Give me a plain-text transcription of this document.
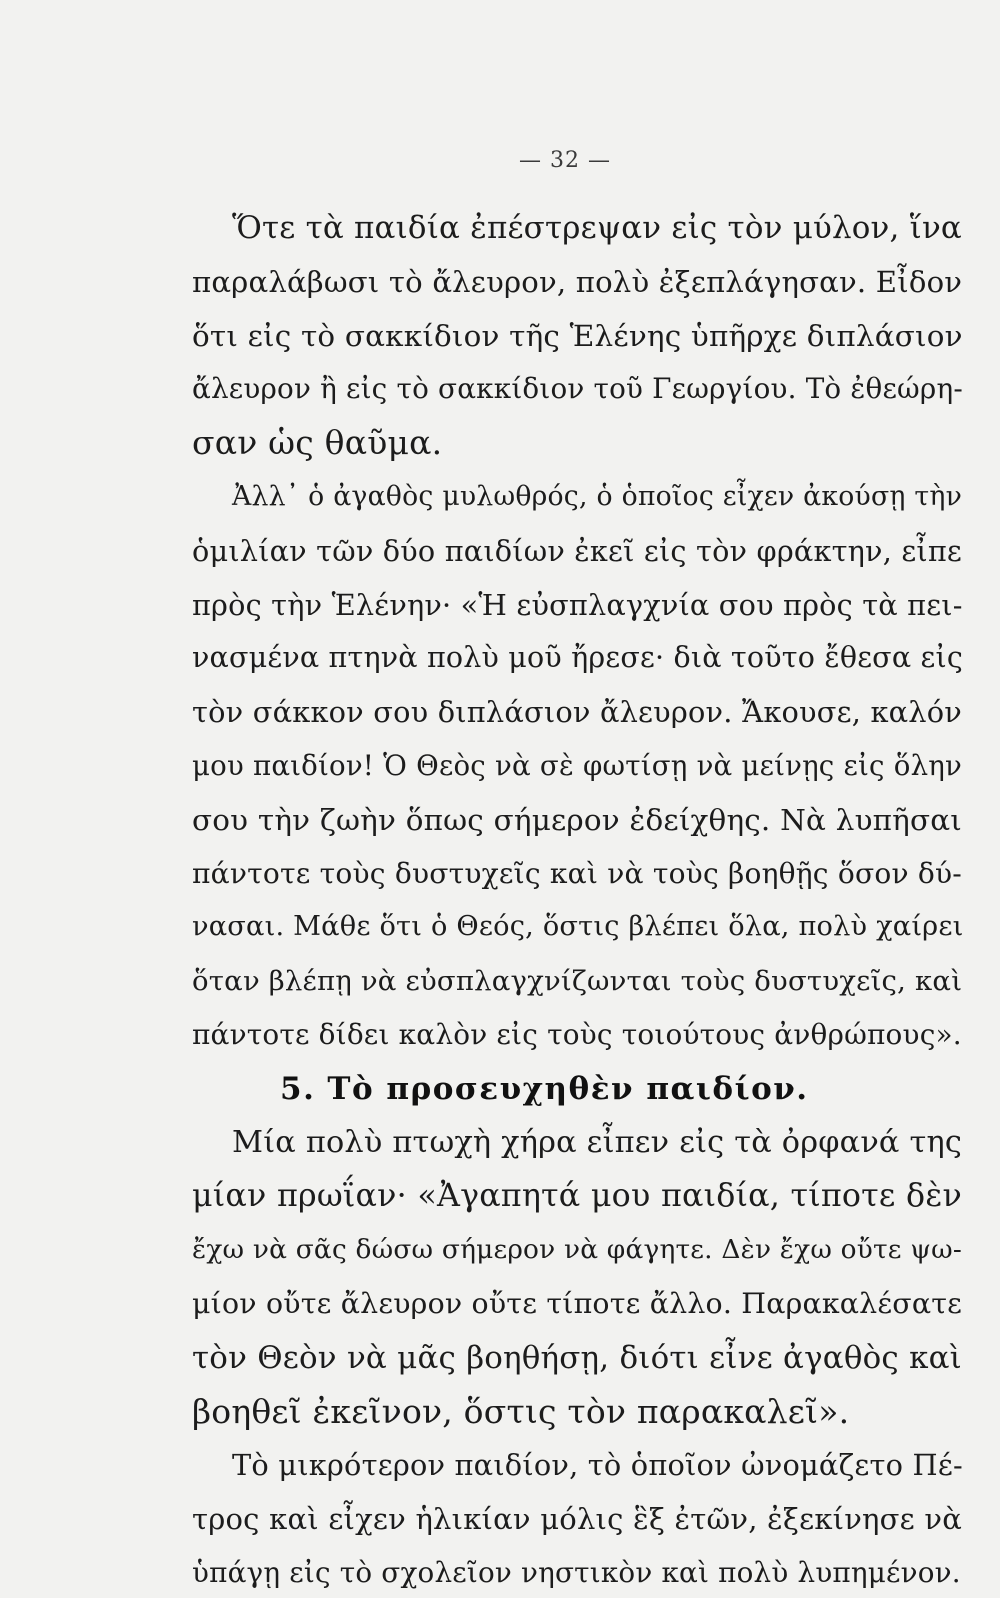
— 32 —
Ὅτε τὰ παιδία ἐπέστρεψαν εἰς τὸν μύλον, ἵνα
παραλάβωσι τὸ ἄλευρον, πολὺ ἐξεπλάγησαν. Εἶδον
ὅτι εἰς τὸ σακκίδιον τῆς Ἑλένης ὑπῆρχε διπλάσιον
ἄλευρον ἢ εἰς τὸ σακκίδιον τοῦ Γεωργίου. Τὸ ἐθεώρη-
σαν ὡς θαῦμα.
Ἀλλ᾽ ὁ ἀγαθὸς μυλωθρός, ὁ ὁποῖος εἶχεν ἀκούσῃ τὴν
ὁμιλίαν τῶν δύο παιδίων ἐκεῖ εἰς τὸν φράκτην, εἶπε
πρὸς τὴν Ἑλένην· «Ἡ εὐσπλαγχνία σου πρὸς τὰ πει-
νασμένα πτηνὰ πολὺ μοῦ ἤρεσε· διὰ τοῦτο ἔθεσα εἰς
τὸν σάκκον σου διπλάσιον ἄλευρον. Ἄκουσε, καλόν
μου παιδίον! Ὁ Θεὸς νὰ σὲ φωτίσῃ νὰ μείνῃς εἰς ὅλην
σου τὴν ζωὴν ὅπως σήμερον ἐδείχθης. Νὰ λυπῆσαι
πάντοτε τοὺς δυστυχεῖς καὶ νὰ τοὺς βοηθῇς ὅσον δύ-
νασαι. Μάθε ὅτι ὁ Θεός, ὅστις βλέπει ὅλα, πολὺ χαίρει
ὅταν βλέπῃ νὰ εὐσπλαγχνίζωνται τοὺς δυστυχεῖς, καὶ
πάντοτε δίδει καλὸν εἰς τοὺς τοιούτους ἀνθρώπους».
5. Τὸ προσευχηθὲν παιδίον.
Μία πολὺ πτωχὴ χήρα εἶπεν εἰς τὰ ὀρφανά της
μίαν πρωΐαν· «Ἀγαπητά μου παιδία, τίποτε δὲν
ἔχω νὰ σᾶς δώσω σήμερον νὰ φάγητε. Δὲν ἔχω οὔτε ψω-
μίον οὔτε ἄλευρον οὔτε τίποτε ἄλλο. Παρακαλέσατε
τὸν Θεὸν νὰ μᾶς βοηθήσῃ, διότι εἶνε ἀγαθὸς καὶ
βοηθεῖ ἐκεῖνον, ὅστις τὸν παρακαλεῖ».
Τὸ μικρότερον παιδίον, τὸ ὁποῖον ὠνομάζετο Πέ-
τρος καὶ εἶχεν ἡλικίαν μόλις ἓξ ἐτῶν, ἐξεκίνησε νὰ
ὑπάγῃ εἰς τὸ σχολεῖον νηστικὸν καὶ πολὺ λυπημένον.
